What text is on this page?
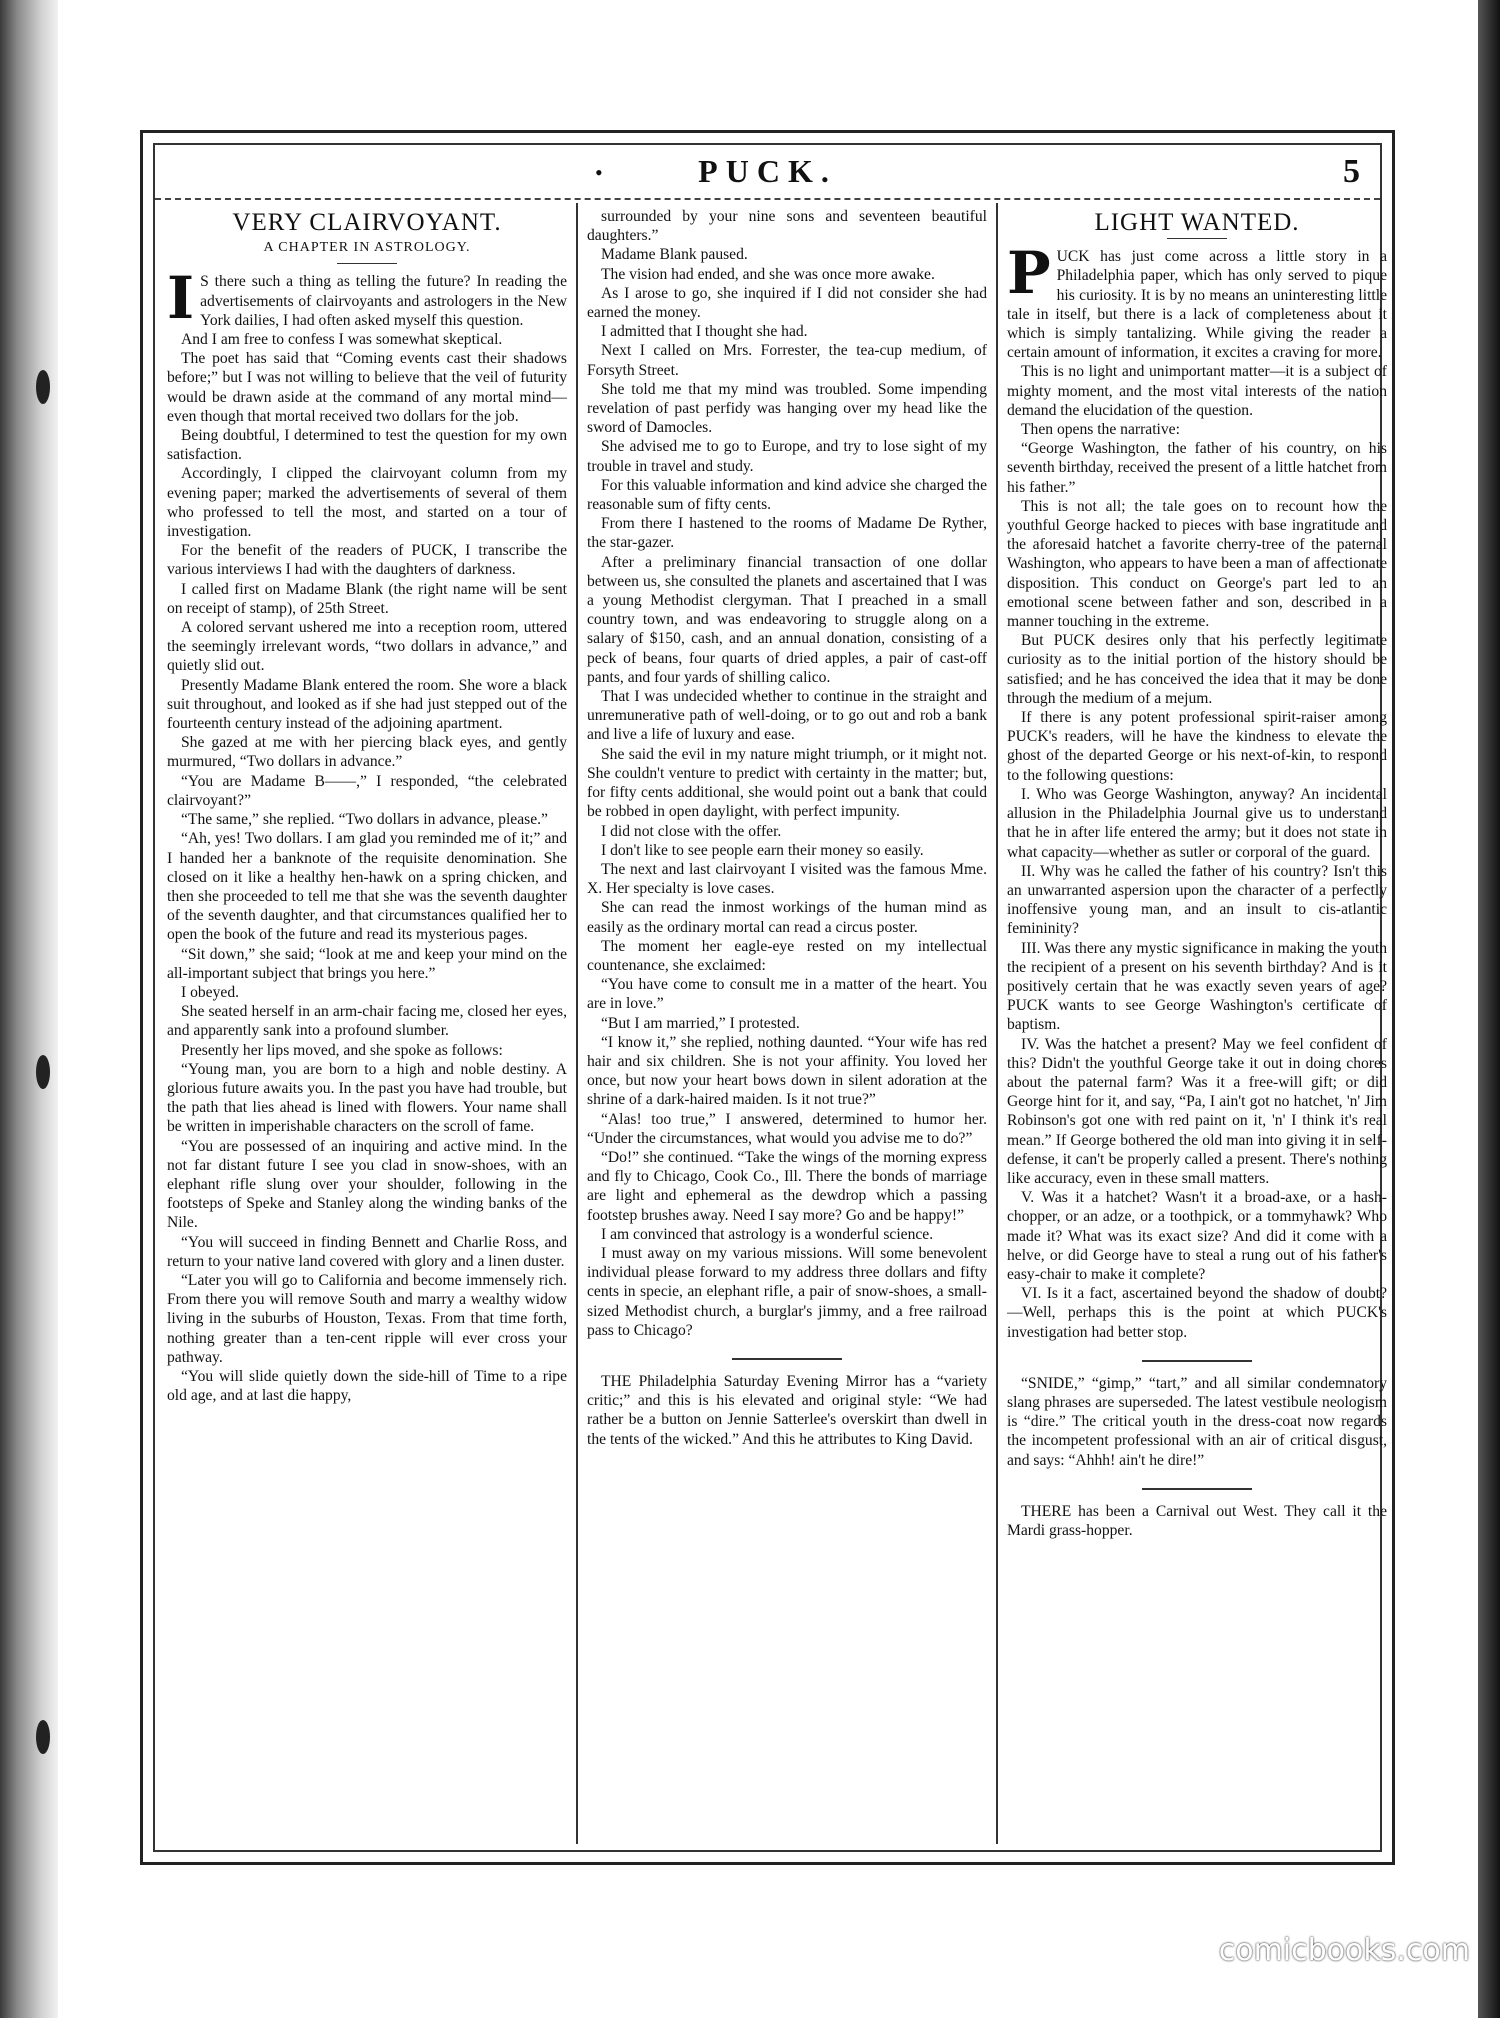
•	PUCK.	5
VERY CLAIRVOYANT.
A CHAPTER IN ASTROLOGY.

I S there such a thing as telling the future? In reading the advertisements of clairvoyants and astrologers in the New York dailies, I had often asked myself this question.

And I am free to confess I was somewhat skeptical.

The poet has said that “Coming events cast their shadows before;” but I was not willing to believe that the veil of futurity would be drawn aside at the command of any mortal mind—even though that mortal received two dollars for the job.

Being doubtful, I determined to test the question for my own satisfaction.

Accordingly, I clipped the clairvoyant column from my evening paper; marked the advertisements of several of them who professed to tell the most, and started on a tour of investigation.

For the benefit of the readers of PUCK, I transcribe the various interviews I had with the daughters of darkness.

I called first on Madame Blank (the right name will be sent on receipt of stamp), of 25th Street.

A colored servant ushered me into a reception room, uttered the seemingly irrelevant words, “two dollars in advance,” and quietly slid out.

Presently Madame Blank entered the room. She wore a black suit throughout, and looked as if she had just stepped out of the fourteenth century instead of the adjoining apartment.

She gazed at me with her piercing black eyes, and gently murmured, “Two dollars in advance.”

“You are Madame B——,” I responded, “the celebrated clairvoyant?”

“The same,” she replied. “Two dollars in advance, please.”

“Ah, yes! Two dollars. I am glad you reminded me of it;” and I handed her a banknote of the requisite denomination. She closed on it like a healthy hen-hawk on a spring chicken, and then she proceeded to tell me that she was the seventh daughter of the seventh daughter, and that circumstances qualified her to open the book of the future and read its mysterious pages.

“Sit down,” she said; “look at me and keep your mind on the all-important subject that brings you here.”

I obeyed.

She seated herself in an arm-chair facing me, closed her eyes, and apparently sank into a profound slumber.

Presently her lips moved, and she spoke as follows:

“Young man, you are born to a high and noble destiny. A glorious future awaits you. In the past you have had trouble, but the path that lies ahead is lined with flowers. Your name shall be written in imperishable characters on the scroll of fame.

“You are possessed of an inquiring and active mind. In the not far distant future I see you clad in snow-shoes, with an elephant rifle slung over your shoulder, following in the footsteps of Speke and Stanley along the winding banks of the Nile.

“You will succeed in finding Bennett and Charlie Ross, and return to your native land covered with glory and a linen duster.

“Later you will go to California and become immensely rich. From there you will remove South and marry a wealthy widow living in the suburbs of Houston, Texas. From that time forth, nothing greater than a ten-cent ripple will ever cross your pathway.

“You will slide quietly down the side-hill of Time to a ripe old age, and at last die happy,

surrounded by your nine sons and seventeen beautiful daughters.”

Madame Blank paused.

The vision had ended, and she was once more awake.

As I arose to go, she inquired if I did not consider she had earned the money.

I admitted that I thought she had.

Next I called on Mrs. Forrester, the tea-cup medium, of Forsyth Street.

She told me that my mind was troubled. Some impending revelation of past perfidy was hanging over my head like the sword of Damocles.

She advised me to go to Europe, and try to lose sight of my trouble in travel and study.

For this valuable information and kind advice she charged the reasonable sum of fifty cents.

From there I hastened to the rooms of Madame De Ryther, the star-gazer.

After a preliminary financial transaction of one dollar between us, she consulted the planets and ascertained that I was a young Methodist clergyman. That I preached in a small country town, and was endeavoring to struggle along on a salary of $150, cash, and an annual donation, consisting of a peck of beans, four quarts of dried apples, a pair of cast-off pants, and four yards of shilling calico.

That I was undecided whether to continue in the straight and unremunerative path of well-doing, or to go out and rob a bank and live a life of luxury and ease.

She said the evil in my nature might triumph, or it might not. She couldn't venture to predict with certainty in the matter; but, for fifty cents additional, she would point out a bank that could be robbed in open daylight, with perfect impunity.

I did not close with the offer.

I don't like to see people earn their money so easily.

The next and last clairvoyant I visited was the famous Mme. X. Her specialty is love cases.

She can read the inmost workings of the human mind as easily as the ordinary mortal can read a circus poster.

The moment her eagle-eye rested on my intellectual countenance, she exclaimed:

“You have come to consult me in a matter of the heart. You are in love.”

“But I am married,” I protested.

“I know it,” she replied, nothing daunted. “Your wife has red hair and six children. She is not your affinity. You loved her once, but now your heart bows down in silent adoration at the shrine of a dark-haired maiden. Is it not true?”

“Alas! too true,” I answered, determined to humor her. “Under the circumstances, what would you advise me to do?”

“Do!” she continued. “Take the wings of the morning express and fly to Chicago, Cook Co., Ill. There the bonds of marriage are light and ephemeral as the dewdrop which a passing footstep brushes away. Need I say more? Go and be happy!”

I am convinced that astrology is a wonderful science.

I must away on my various missions. Will some benevolent individual please forward to my address three dollars and fifty cents in specie, an elephant rifle, a pair of snow-shoes, a small-sized Methodist church, a burglar's jimmy, and a free railroad pass to Chicago?

THE Philadelphia Saturday Evening Mirror has a “variety critic;” and this is his elevated and original style: “We had rather be a button on Jennie Satterlee's overskirt than dwell in the tents of the wicked.” And this he attributes to King David.

LIGHT WANTED.

PUCK has just come across a little story in a Philadelphia paper, which has only served to pique his curiosity. It is by no means an uninteresting little tale in itself, but there is a lack of completeness about it which is simply tantalizing. While giving the reader a certain amount of information, it excites a craving for more.

This is no light and unimportant matter—it is a subject of mighty moment, and the most vital interests of the nation demand the elucidation of the question.

Then opens the narrative:

“George Washington, the father of his country, on his seventh birthday, received the present of a little hatchet from his father.”

This is not all; the tale goes on to recount how the youthful George hacked to pieces with base ingratitude and the aforesaid hatchet a favorite cherry-tree of the paternal Washington, who appears to have been a man of affectionate disposition. This conduct on George's part led to an emotional scene between father and son, described in a manner touching in the extreme.

But PUCK desires only that his perfectly legitimate curiosity as to the initial portion of the history should be satisfied; and he has conceived the idea that it may be done through the medium of a mejum.

If there is any potent professional spirit-raiser among PUCK's readers, will he have the kindness to elevate the ghost of the departed George or his next-of-kin, to respond to the following questions:

I. Who was George Washington, anyway? An incidental allusion in the Philadelphia Journal give us to understand that he in after life entered the army; but it does not state in what capacity—whether as sutler or corporal of the guard.

II. Why was he called the father of his country? Isn't this an unwarranted aspersion upon the character of a perfectly inoffensive young man, and an insult to cis-atlantic femininity?

III. Was there any mystic significance in making the youth the recipient of a present on his seventh birthday? And is it positively certain that he was exactly seven years of age? PUCK wants to see George Washington's certificate of baptism.

IV. Was the hatchet a present? May we feel confident of this? Didn't the youthful George take it out in doing chores about the paternal farm? Was it a free-will gift; or did George hint for it, and say, “Pa, I ain't got no hatchet, 'n' Jim Robinson's got one with red paint on it, 'n' I think it's real mean.” If George bothered the old man into giving it in self-defense, it can't be properly called a present. There's nothing like accuracy, even in these small matters.

V. Was it a hatchet? Wasn't it a broad-axe, or a hash-chopper, or an adze, or a toothpick, or a tommyhawk? Who made it? What was its exact size? And did it come with a helve, or did George have to steal a rung out of his father's easy-chair to make it complete?

VI. Is it a fact, ascertained beyond the shadow of doubt?—Well, perhaps this is the point at which PUCK's investigation had better stop.

“SNIDE,” “gimp,” “tart,” and all similar condemnatory slang phrases are superseded. The latest vestibule neologism is “dire.” The critical youth in the dress-coat now regards the incompetent professional with an air of critical disgust, and says: “Ahhh! ain't he dire!”

THERE has been a Carnival out West. They call it the Mardi grass-hopper.

comicbooks.com
